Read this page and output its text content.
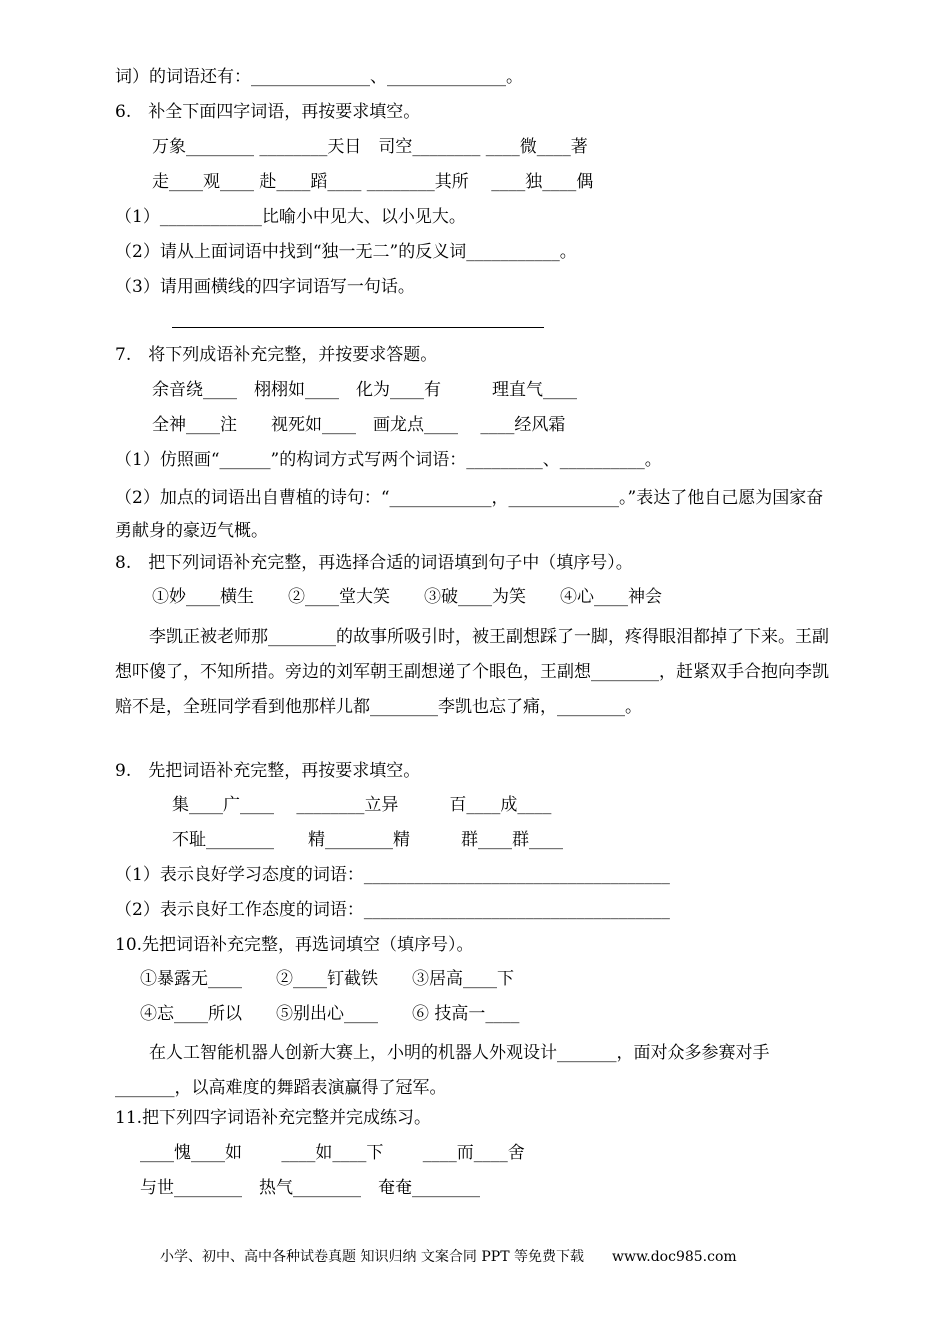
词）的词语还有：______________、______________。
6.　补全下面四字词语，再按要求填空。
万象________ ________天日　司空________ ____微____著
走____观____ 赴____蹈____ ________其所　 ____独____偶
（1）____________比喻小中见大、以小见大。
（2）请从上面词语中找到“独一无二”的反义词___________。
（3）请用画横线的四字词语写一句话。
7.　将下列成语补充完整，并按要求答题。
余音绕____　栩栩如____　化为____有　　　理直气____
全神____注　　视死如____　画龙点____　 ____经风霜
（1）仿照画“______”的构词方式写两个词语：_________、__________。
（2）加点的词语出自曹植的诗句：“____________，_____________。”表达了他自己愿为国家奋勇献身的豪迈气概。
8.　把下列词语补充完整，再选择合适的词语填到句子中（填序号）。
①妙____横生　　②____堂大笑　　③破____为笑　　④心____神会
　　李凯正被老师那________的故事所吸引时，被王副想踩了一脚，疼得眼泪都掉了下来。王副想吓傻了，不知所措。旁边的刘军朝王副想递了个眼色，王副想________，赶紧双手合抱向李凯赔不是，全班同学看到他那样儿都________李凯也忘了痛，________。
9.　先把词语补充完整，再按要求填空。
集____广____　 ________立异　　　百____成____
不耻________　　精________精　　　群____群____
（1）表示良好学习态度的词语：____________________________________
（2）表示良好工作态度的词语：____________________________________
10.先把词语补充完整，再选词填空（填序号）。
①暴露无____　　②____钉截铁　　③居高____下
④忘____所以　　⑤别出心____　　⑥ 技高一____
　　在人工智能机器人创新大赛上，小明的机器人外观设计_______，面对众多参赛对手_______，以高难度的舞蹈表演赢得了冠军。
11.把下列四字词语补充完整并完成练习。
____愧____如　　 ____如____下　　 ____而____舍
与世________　热气________　奄奄________
小学、初中、高中各种试卷真题 知识归纳 文案合同 PPT 等免费下载　　www.doc985.com
